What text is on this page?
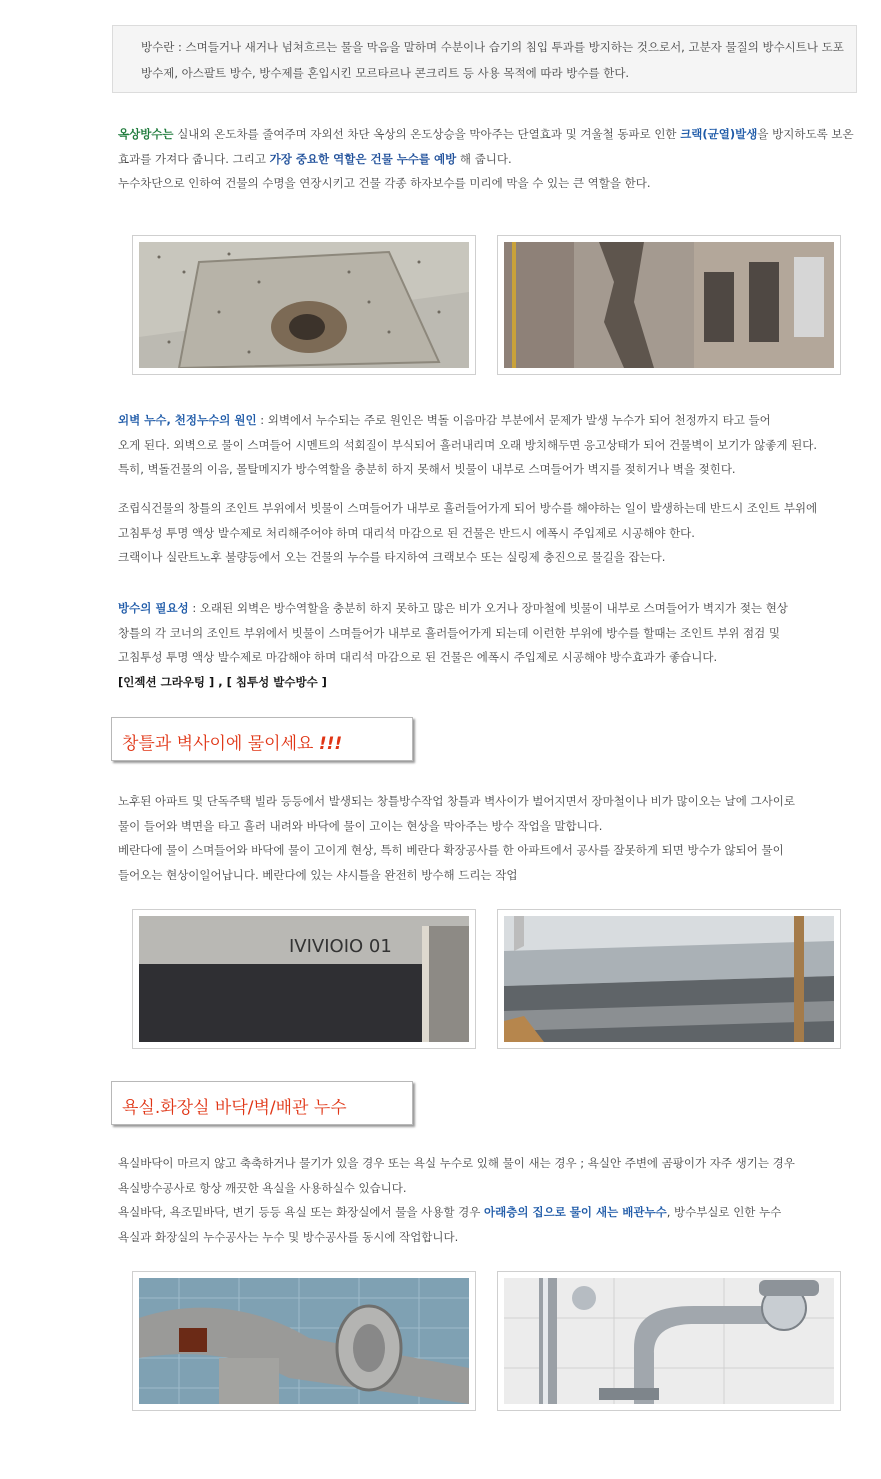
방수란 : 스며들거나 새거나 넘쳐흐르는 물을 막음을 말하며 수분이나 습기의 침입 투과를 방지하는 것으로서, 고분자 물질의 방수시트나 도포 방수제, 아스팔트 방수, 방수제를 혼입시킨 모르타르나 콘크리트 등 사용 목적에 따라 방수를 한다.

옥상방수는 실내외 온도차를 줄여주며 자외선 차단 옥상의 온도상승을 막아주는 단열효과 및 겨울철 동파로 인한 크랙(균열)발생을 방지하도록 보온효과를 가져다 줍니다. 그리고 가장 중요한 역할은 건물 누수를 예방 해 줍니다.
누수차단으로 인하여 건물의 수명을 연장시키고 건물 각종 하자보수를 미리에 막을 수 있는 큰 역할을 한다.

외벽 누수, 천정누수의 원인 : 외벽에서 누수되는 주로 원인은 벽돌 이음마감 부분에서 문제가 발생 누수가 되어 천정까지 타고 들어
오게 된다. 외벽으로 물이 스며들어 시멘트의 석회질이 부식되어 흘러내리며 오래 방치해두면 응고상태가 되어 건물벽이 보기가 않좋게 된다.
특히, 벽돌건물의 이음, 몰탈메지가 방수역할을 충분히 하지 못해서 빗물이 내부로 스며들어가 벽지를 젖히거나 벽을 젖힌다.

조립식건물의 창틀의 조인트 부위에서 빗물이 스며들어가 내부로 흘러들어가게 되어 방수를 해야하는 일이 발생하는데 반드시 조인트 부위에
고침투성 투명 액상 발수제로 처리해주어야 하며 대리석 마감으로 된 건물은 반드시 에폭시 주입제로 시공해야 한다.
크랙이나 실란트노후 불량등에서 오는 건물의 누수를 타지하여 크랙보수 또는 실링제 충진으로 물길을 잡는다.

방수의 필요성 : 오래된 외벽은 방수역할을 충분히 하지 못하고 많은 비가 오거나 장마철에 빗물이 내부로 스며들어가 벽지가 젖는 현상
창틀의 각 코너의 조인트 부위에서 빗물이 스며들어가 내부로 흘러들어가게 되는데 이런한 부위에 방수를 할때는 조인트 부위 점검 및
고침투성 투명 액상 발수제로 마감해야 하며 대리석 마감으로 된 건물은 에폭시 주입제로 시공해야 방수효과가 좋습니다.
[인젝션 그라우팅 ] , [ 침투성 발수방수 ]

창틀과 벽사이에 물이세요 !!!

노후된 아파트 및 단독주택 빌라 등등에서 발생되는 창틀방수작업 창틀과 벽사이가 벌어지면서 장마철이나 비가 많이오는 날에 그사이로
물이 들어와 벽면을 타고 흘러 내려와 바닥에 물이 고이는 현상을 막아주는 방수 작업을 말합니다.
베란다에 물이 스며들어와 바닥에 물이 고이게 현상, 특히 베란다 확장공사를 한 아파트에서 공사를 잘못하게 되면 방수가 않되어 물이
들어오는 현상이일어납니다. 베란다에 있는 샤시틀을 완전히 방수해 드리는 작업

IVIVIOIO 01
욕실.화장실 바닥/벽/배관 누수

욕실바닥이 마르지 않고 축축하거나 물기가 있을 경우 또는 욕실 누수로 있해 물이 새는 경우 ; 욕실안 주변에 곰팡이가 자주 생기는 경우
욕실방수공사로 항상 깨끗한 욕실을 사용하실수 있습니다.
욕실바닥, 욕조밑바닥, 변기 등등 욕실 또는 화장실에서 물을 사용할 경우 아래층의 집으로 물이 새는 배관누수, 방수부실로 인한 누수
욕실과 화장실의 누수공사는 누수 및 방수공사를 동시에 작업합니다.
